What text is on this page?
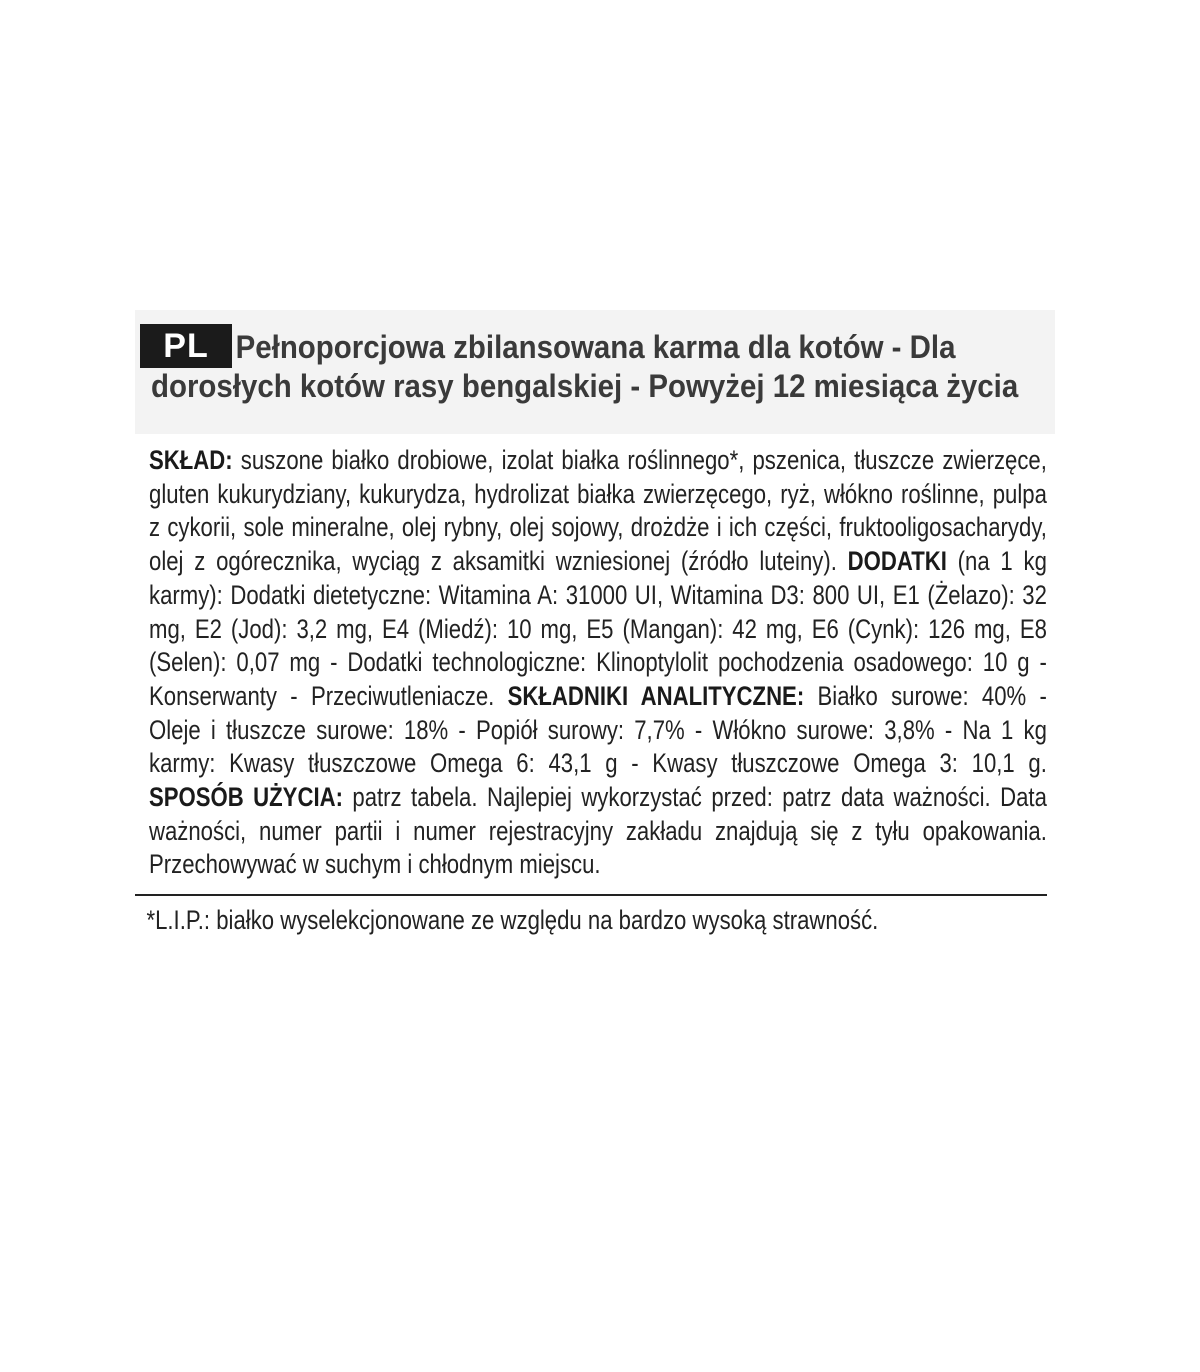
PL Pełnoporcjowa zbilansowana karma dla kotów - Dla dorosłych kotów rasy bengalskiej - Powyżej 12 miesiąca życia

SKŁAD: suszone białko drobiowe, izolat białka roślinnego*, pszenica, tłuszcze zwierzęce, gluten kukurydziany, kukurydza, hydrolizat białka zwierzęcego, ryż, włókno roślinne, pulpa z cykorii, sole mineralne, olej rybny, olej sojowy, drożdże i ich części, fruktooligosacharydy, olej z ogórecznika, wyciąg z aksamitki wzniesionej (źródło luteiny). DODATKI (na 1 kg karmy): Dodatki dietetyczne: Witamina A: 31000 UI, Witamina D3: 800 UI, E1 (Żelazo): 32 mg, E2 (Jod): 3,2 mg, E4 (Miedź): 10 mg, E5 (Mangan): 42 mg, E6 (Cynk): 126 mg, E8 (Selen): 0,07 mg - Dodatki technologiczne: Klinoptylolit pochodzenia osadowego: 10 g - Konserwanty - Przeciwutleniacze. SKŁADNIKI ANALITYCZNE: Białko surowe: 40% - Oleje i tłuszcze surowe: 18% - Popiół surowy: 7,7% - Włókno surowe: 3,8% - Na 1 kg karmy: Kwasy tłuszczowe Omega 6: 43,1 g - Kwasy tłuszczowe Omega 3: 10,1 g. SPOSÓB UŻYCIA: patrz tabela. Najlepiej wykorzystać przed: patrz data ważności. Data ważności, numer partii i numer rejestracyjny zakładu znajdują się z tyłu opakowania. Przechowywać w suchym i chłodnym miejscu.

*L.I.P.: białko wyselekcjonowane ze względu na bardzo wysoką strawność.
